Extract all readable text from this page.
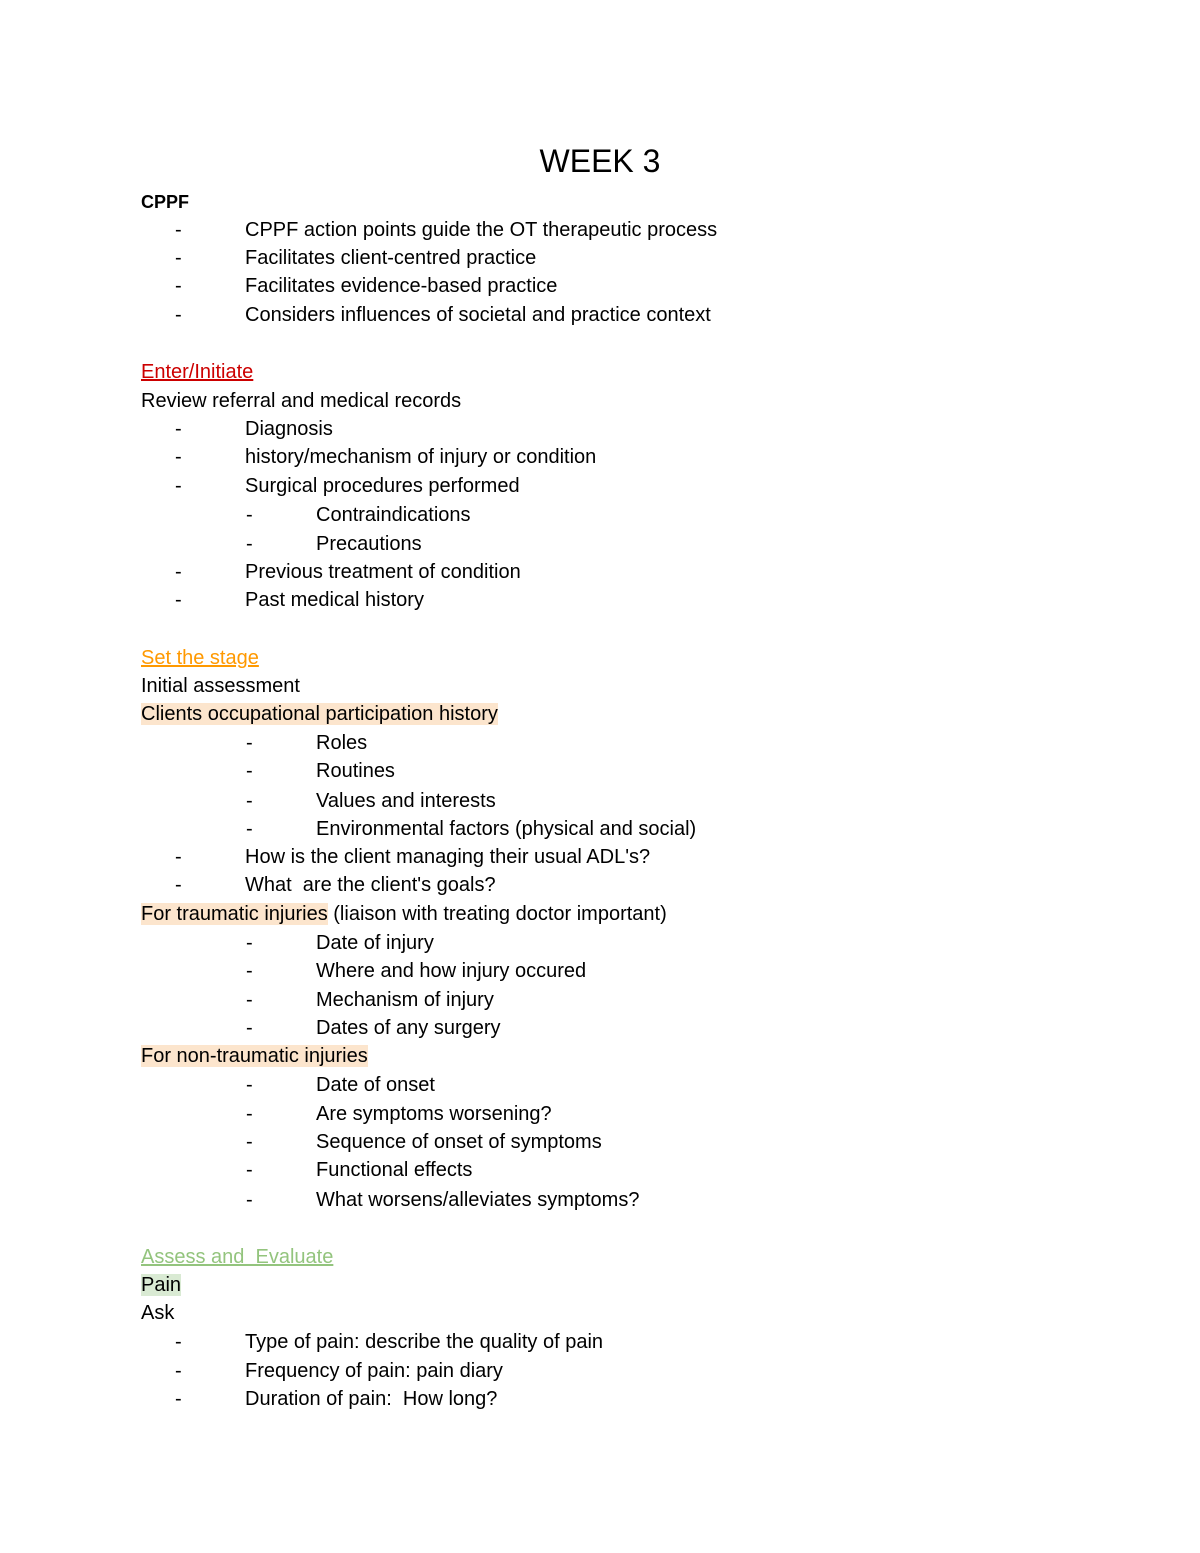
WEEK 3
CPPF
-	CPPF action points guide the OT therapeutic process
-	Facilitates client-centred practice
-	Facilitates evidence-based practice
-	Considers influences of societal and practice context
Enter/Initiate
Review referral and medical records
-	Diagnosis
-	history/mechanism of injury or condition
-	Surgical procedures performed
-	Contraindications
-	Precautions
-	Previous treatment of condition
-	Past medical history
Set the stage
Initial assessment
Clients occupational participation history
-	Roles
-	Routines
-	Values and interests
-	Environmental factors (physical and social)
-	How is the client managing their usual ADL's?
-	What  are the client's goals?
For traumatic injuries (liaison with treating doctor important)
-	Date of injury
-	Where and how injury occured
-	Mechanism of injury
-	Dates of any surgery
For non-traumatic injuries
-	Date of onset
-	Are symptoms worsening?
-	Sequence of onset of symptoms
-	Functional effects
-	What worsens/alleviates symptoms?
Assess and  Evaluate
Pain
Ask
-	Type of pain: describe the quality of pain
-	Frequency of pain: pain diary
-	Duration of pain:  How long?
